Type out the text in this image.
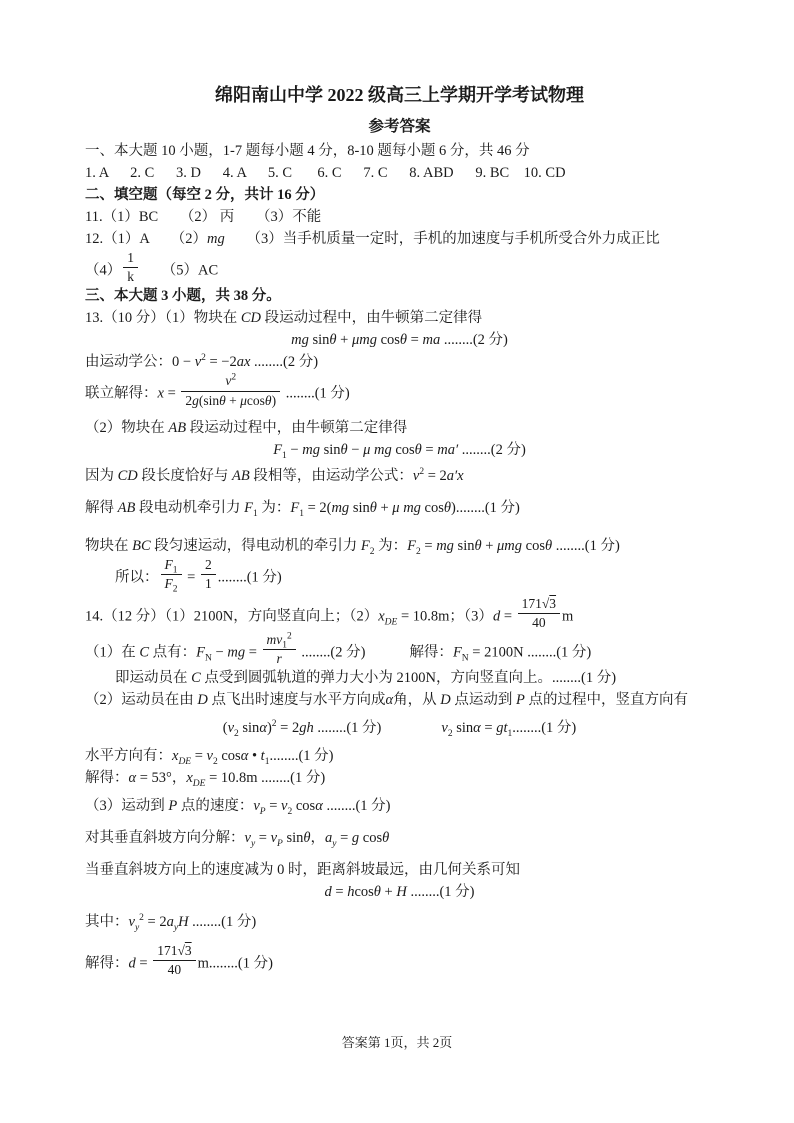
绵阳南山中学 2022 级高三上学期开学考试物理
参考答案
一、本大题 10 小题，1-7 题每小题 4 分，8-10 题每小题 6 分，共 46 分
1. A      2. C      3. D      4. A      5. C       6. C      7. C      8. ABD      9. BC    10. CD
二、填空题（每空 2 分，共计 16 分）
11.（1）BC　　（2） 丙　　（3）不能
12.（1）A　　（2）mg　　（3）当手机质量一定时，手机的加速度与手机所受合外力成正比
$(4) \frac{1}{k}$ 　　（5）AC
三、本大题 3 小题，共 38 分。
13.（10 分）（1）物块在 CD 段运动过程中，由牛顿第二定律得
mg sinθ + μmg cosθ = ma ........(2 分)
由运动学公：$0 - v^2 = -2ax$ ........(2 分)
联立解得：$x = \frac{v^2}{2g(\sin\theta + \mu\cos\theta)} ........(1$ 分)
（2）物块在 AB 段运动过程中，由牛顿第二定律得
$F_1$ − mg sinθ − μ mg cosθ = ma′ ........(2 分)
因为 CD 段长度恰好与 AB 段相等，由运动学公式：$v^2 = 2a'x$
解得 AB 段电动机牵引力 $F_1$ 为：$F_1 = 2(mg$ sinθ + μ mg cosθ)........(1 分)
物块在 BC 段匀速运动，得电动机的牵引力 $F_2$ 为：$F_2$ = mg sinθ + μmg cosθ ........(1 分)
所以： $\frac{F_1}{F_2} = \frac{2}{1} ........(1$ 分)
14.（12 分）（1）2100N，方向竖直向上；$(2)x_{DE} = 10.8m$；$(3)d = \frac{171√3}{40}$ m
（1）在 C 点有：$F_N$ − mg = $\frac{mv_1^2}{r} ........(2$ 分)	解得：$F_N = 2100N$ ........(1 分)
即运动员在 C 点受到圆弧轨道的弹力大小为 2100N，方向竖直向上。........(1 分)
（2）运动员在由 D 点飞出时速度与水平方向成α角，从 D 点运动到 P 点的过程中，竖直方向有
($v_2$ sinα)$^2$ = 2gh ........(1 分)	$v_2$ $\sin\alpha = gt_1........(1$ 分)
水平方向有：$x_{DE} = v_2$ cosα • $t_1........(1$ 分)
解得：α = 53°，$x_{DE} = 10.8m$ ........(1 分)
（3）运动到 P 点的速度：$v_P = v_2$ cosα ........(1 分)
对其垂直斜坡方向分解：$v_y = v_P$ sinθ，$a_y = g$ cosθ
当垂直斜坡方向上的速度减为 0 时，距离斜坡最远，由几何关系可知
d = hcosθ + H ........(1 分)
其中：$v_y^2 = 2a_yH$ ........(1 分)
解得：$d = \frac{171√3}{40} m........(1$ 分)
答案第 1页，共 2页
